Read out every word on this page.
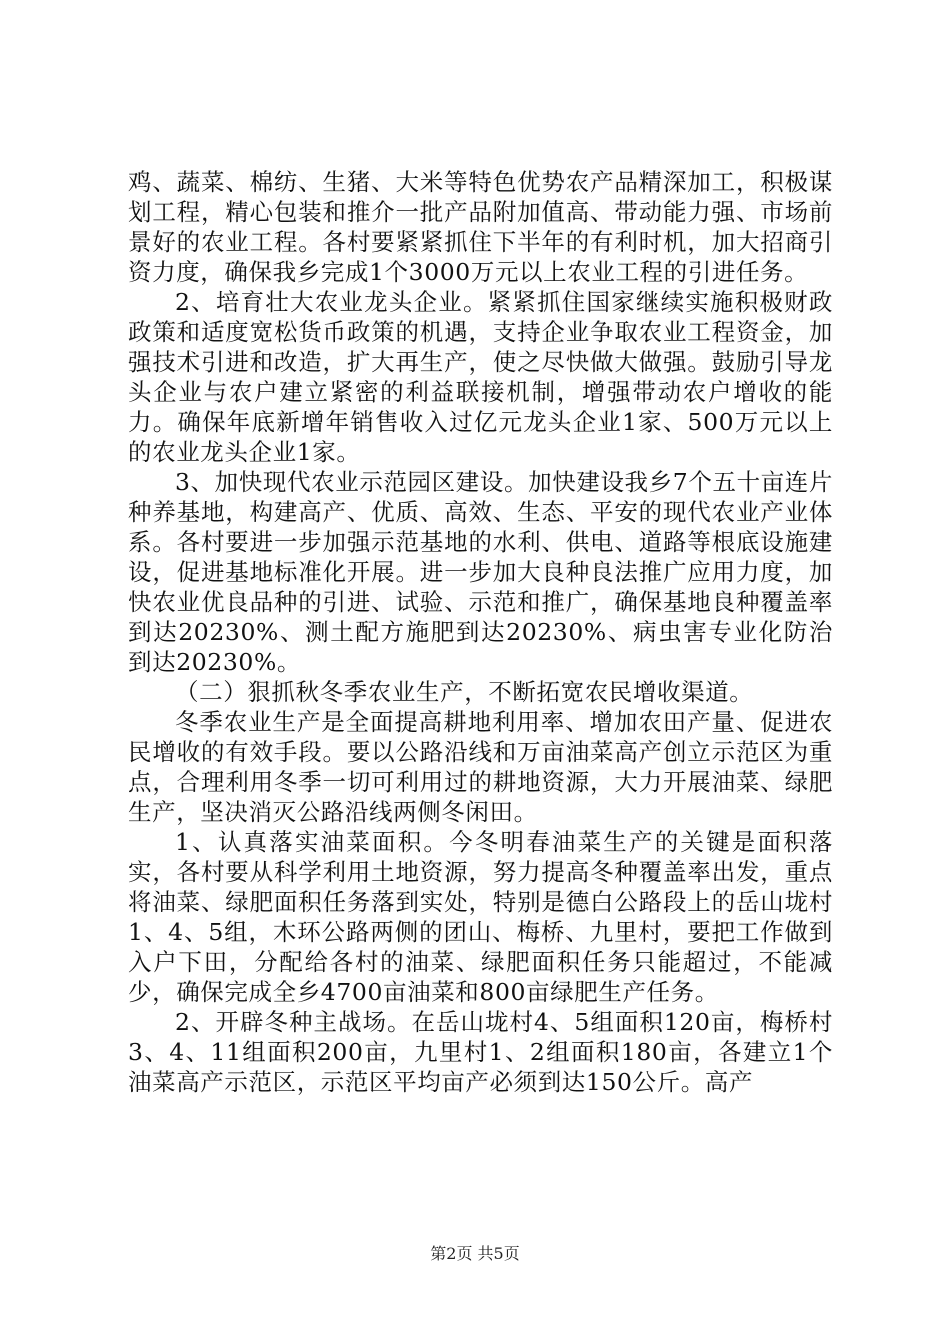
鸡、蔬菜、棉纺、生猪、大米等特色优势农产品精深加工，积极谋划工程，精心包装和推介一批产品附加值高、带动能力强、市场前景好的农业工程。各村要紧紧抓住下半年的有利时机，加大招商引资力度，确保我乡完成1个3000万元以上农业工程的引进任务。

2、培育壮大农业龙头企业。紧紧抓住国家继续实施积极财政政策和适度宽松货币政策的机遇，支持企业争取农业工程资金，加强技术引进和改造，扩大再生产，使之尽快做大做强。鼓励引导龙头企业与农户建立紧密的利益联接机制，增强带动农户增收的能力。确保年底新增年销售收入过亿元龙头企业1家、500万元以上的农业龙头企业1家。

3、加快现代农业示范园区建设。加快建设我乡7个五十亩连片种养基地，构建高产、优质、高效、生态、平安的现代农业产业体系。各村要进一步加强示范基地的水利、供电、道路等根底设施建设，促进基地标准化开展。进一步加大良种良法推广应用力度，加快农业优良品种的引进、试验、示范和推广，确保基地良种覆盖率到达20230%、测土配方施肥到达20230%、病虫害专业化防治到达20230%。

（二）狠抓秋冬季农业生产，不断拓宽农民增收渠道。

冬季农业生产是全面提高耕地利用率、增加农田产量、促进农民增收的有效手段。要以公路沿线和万亩油菜高产创立示范区为重点，合理利用冬季一切可利用过的耕地资源，大力开展油菜、绿肥生产，坚决消灭公路沿线两侧冬闲田。

1、认真落实油菜面积。今冬明春油菜生产的关键是面积落实，各村要从科学利用土地资源，努力提高冬种覆盖率出发，重点将油菜、绿肥面积任务落到实处，特别是德白公路段上的岳山垅村1、4、5组，木环公路两侧的团山、梅桥、九里村，要把工作做到入户下田，分配给各村的油菜、绿肥面积任务只能超过，不能减少，确保完成全乡4700亩油菜和800亩绿肥生产任务。

2、开辟冬种主战场。在岳山垅村4、5组面积120亩，梅桥村3、4、11组面积200亩，九里村1、2组面积180亩，各建立1个油菜高产示范区，示范区平均亩产必须到达150公斤。高产

第2页 共5页
